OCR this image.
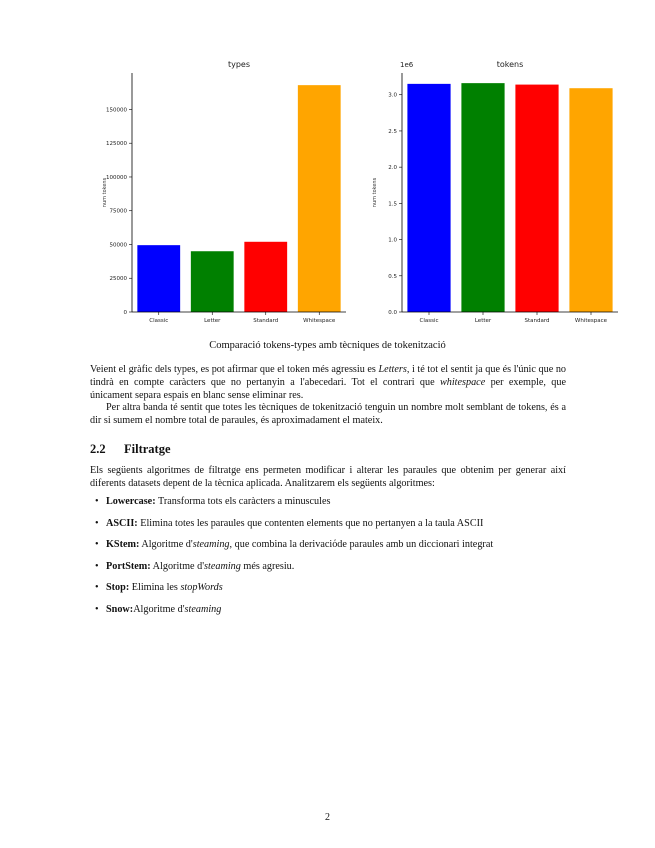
types
num tokens
0
25000
50000
75000
100000
125000
150000
Classic	Letter	Standard	Whitespace
tokens
1e6
num tokens
0.0
0.5
1.0
1.5
2.0
2.5
3.0
Classic	Letter	Standard	Whitespace
Comparació tokens-types amb tècniques de tokenització
Veient el gràfic dels types, es pot afirmar que el token més agressiu es Letters, i té tot el sentit ja que és l'únic que no tindrà en compte caràcters que no pertanyin a l'abecedari. Tot el contrari que whitespace per exemple, que únicament separa espais en blanc sense eliminar res.
Per altra banda té sentit que totes les tècniques de tokenització tenguin un nombre molt semblant de tokens, és a dir si sumem el nombre total de paraules, és aproximadament el mateix.
2.2 Filtratge
Els següents algoritmes de filtratge ens permeten modificar i alterar les paraules que obtenim per generar així diferents datasets depent de la tècnica aplicada. Analitzarem els següents algoritmes:
• Lowercase: Transforma tots els caràcters a minuscules
• ASCII: Elimina totes les paraules que contenten elements que no pertanyen a la taula ASCII
• KStem: Algoritme d'steaming, que combina la derivaciόde paraules amb un diccionari integrat
• PortStem: Algoritme d'steaming més agresiu.
• Stop: Elimina les stopWords
• Snow:Algoritme d'steaming
2
